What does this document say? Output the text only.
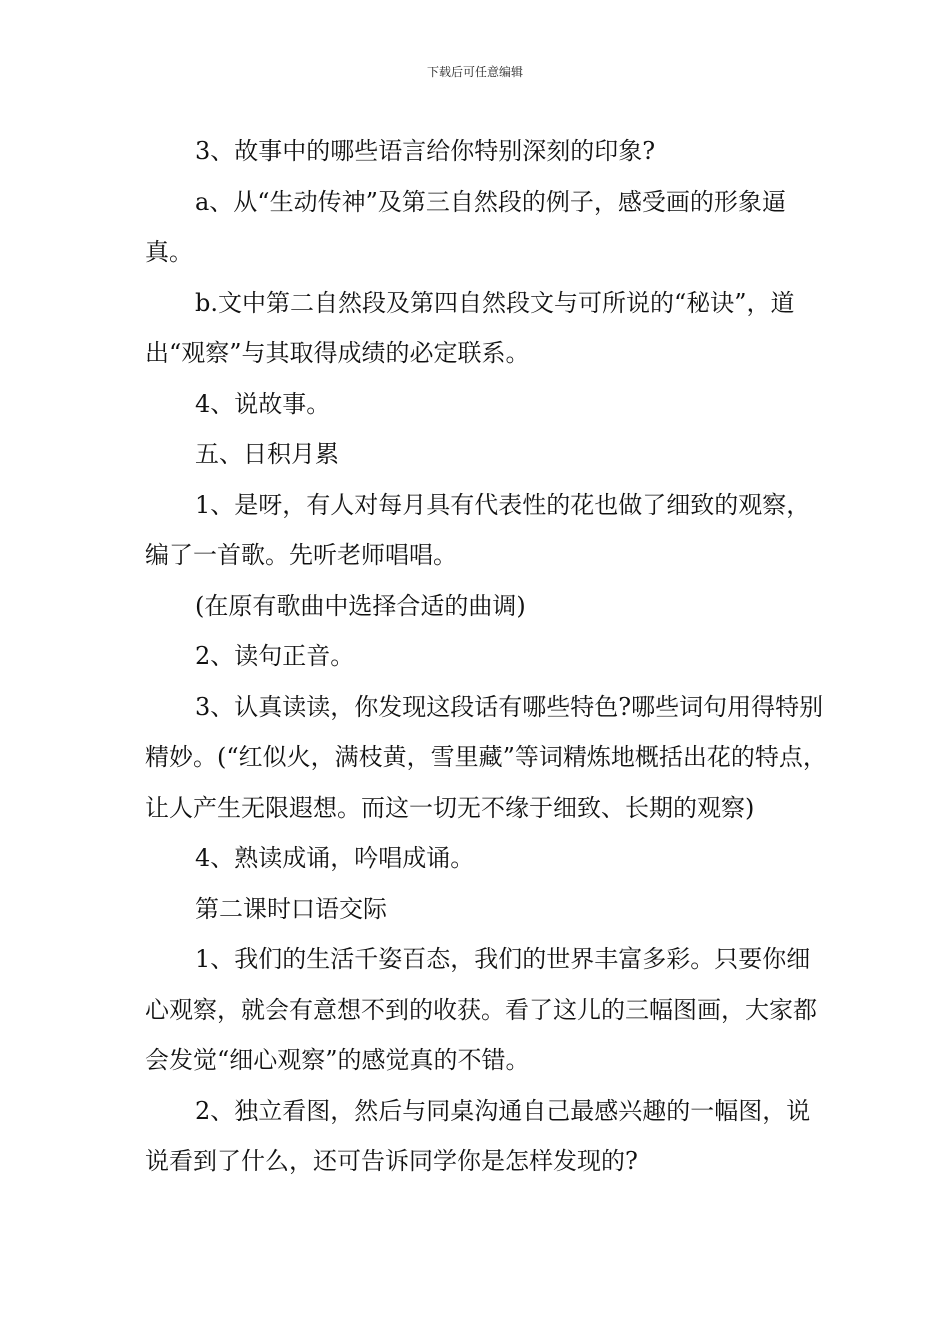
下载后可任意编辑

3、故事中的哪些语言给你特别深刻的印象?

a、从“生动传神”及第三自然段的例子，感受画的形象逼真。

b.文中第二自然段及第四自然段文与可所说的“秘诀”，道出“观察”与其取得成绩的必定联系。

4、说故事。

五、日积月累

1、是呀，有人对每月具有代表性的花也做了细致的观察，编了一首歌。先听老师唱唱。

(在原有歌曲中选择合适的曲调)

2、读句正音。

3、认真读读，你发现这段话有哪些特色?哪些词句用得特别精妙。(“红似火，满枝黄，雪里藏”等词精炼地概括出花的特点，让人产生无限遐想。而这一切无不缘于细致、长期的观察)

4、熟读成诵，吟唱成诵。

第二课时口语交际

1、我们的生活千姿百态，我们的世界丰富多彩。只要你细心观察，就会有意想不到的收获。看了这儿的三幅图画，大家都会发觉“细心观察”的感觉真的不错。

2、独立看图，然后与同桌沟通自己最感兴趣的一幅图，说说看到了什么，还可告诉同学你是怎样发现的?
